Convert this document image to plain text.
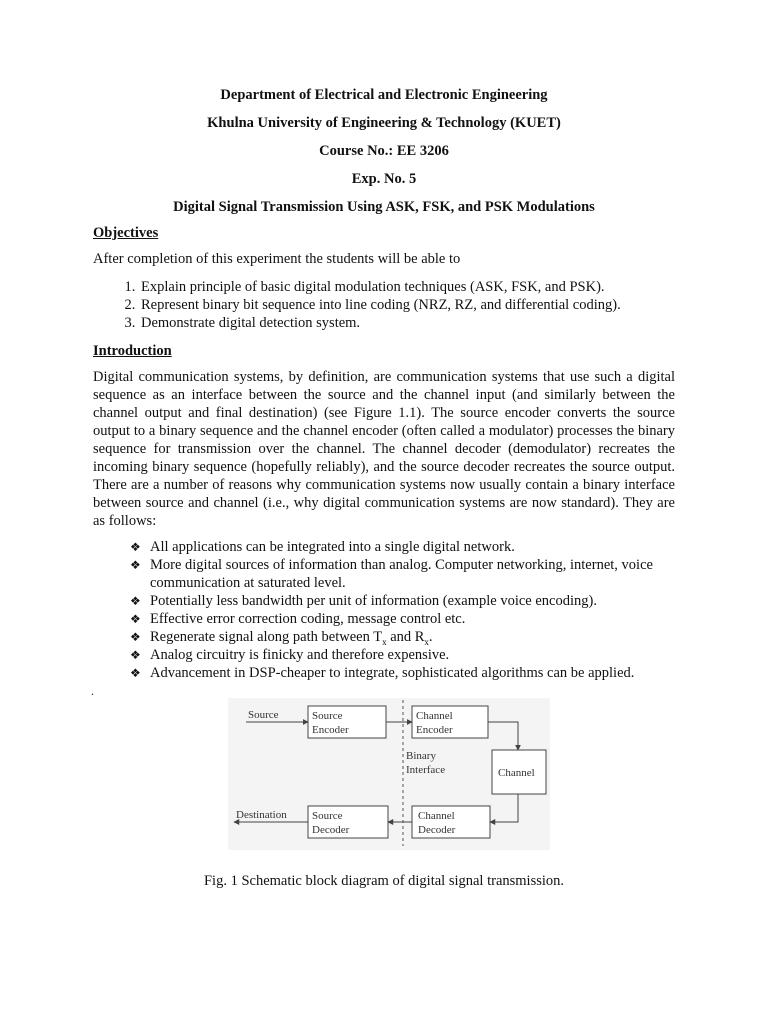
Department of Electrical and Electronic Engineering
Khulna University of Engineering & Technology (KUET)
Course No.: EE 3206
Exp. No. 5
Digital Signal Transmission Using ASK, FSK, and PSK Modulations
Objectives
After completion of this experiment the students will be able to
1. Explain principle of basic digital modulation techniques (ASK, FSK, and PSK).
2. Represent binary bit sequence into line coding (NRZ, RZ, and differential coding).
3. Demonstrate digital detection system.
Introduction
Digital communication systems, by definition, are communication systems that use such a digital sequence as an interface between the source and the channel input (and similarly between the channel output and final destination) (see Figure 1.1). The source encoder converts the source output to a binary sequence and the channel encoder (often called a modulator) processes the binary sequence for transmission over the channel. The channel decoder (demodulator) recreates the incoming binary sequence (hopefully reliably), and the source decoder recreates the source output. There are a number of reasons why communication systems now usually contain a binary interface between source and channel (i.e., why digital communication systems are now standard). They are as follows:
❖ All applications can be integrated into a single digital network.
❖ More digital sources of information than analog. Computer networking, internet, voice communication at saturated level.
❖ Potentially less bandwidth per unit of information (example voice encoding).
❖ Effective error correction coding, message control etc.
❖ Regenerate signal along path between $T_x$ and $R_x$.
❖ Analog circuitry is finicky and therefore expensive.
❖ Advancement in DSP-cheaper to integrate, sophisticated algorithms can be applied.
.
Source	Source
Encoder
Binary
Interface
Channel
Encoder
Channel
Channel
Decoder
Source
Decoder
Destination
Fig. 1 Schematic block diagram of digital signal transmission.
